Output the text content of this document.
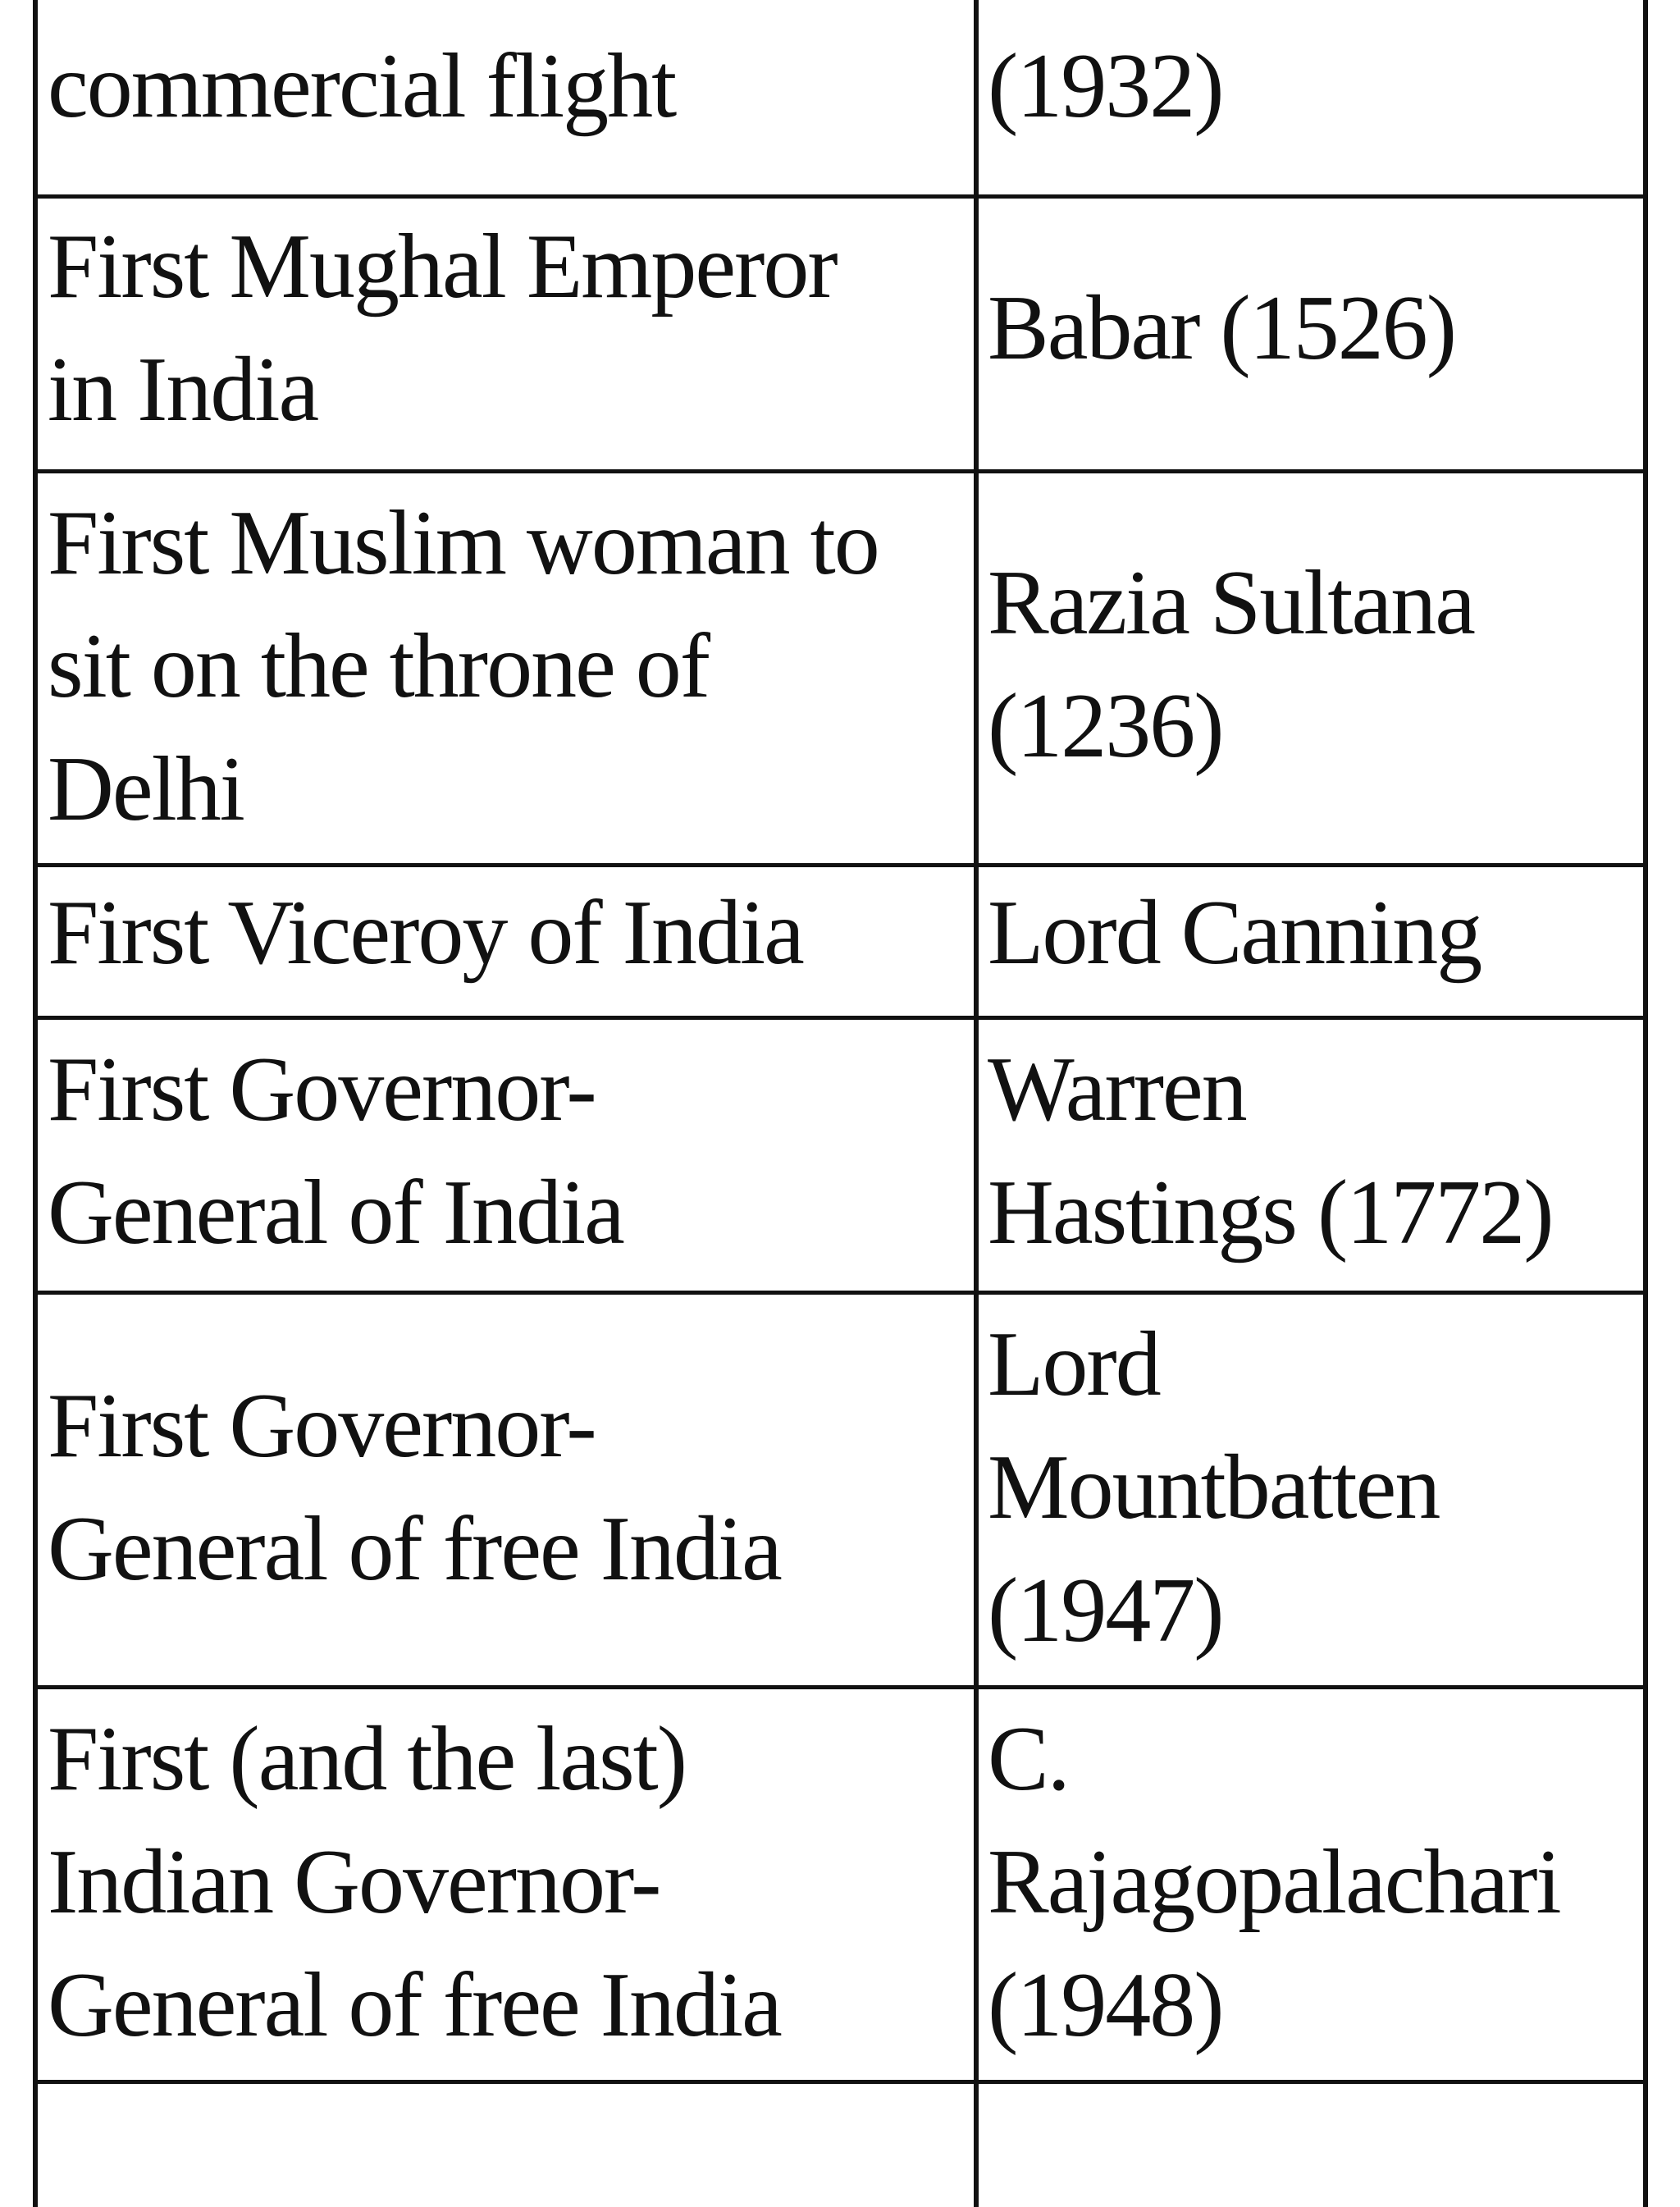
commercial flight	(1932)
First Mughal Emperor
in India
Babar (1526)
First Muslim woman to
sit on the throne of
Delhi
Razia Sultana
(1236)
First Viceroy of India	Lord Canning
First Governor-
General of India
Warren
Hastings (1772)
First Governor-
General of free India
Lord
Mountbatten
(1947)
First (and the last)
Indian Governor-
General of free India
C.
Rajagopalachari
(1948)
